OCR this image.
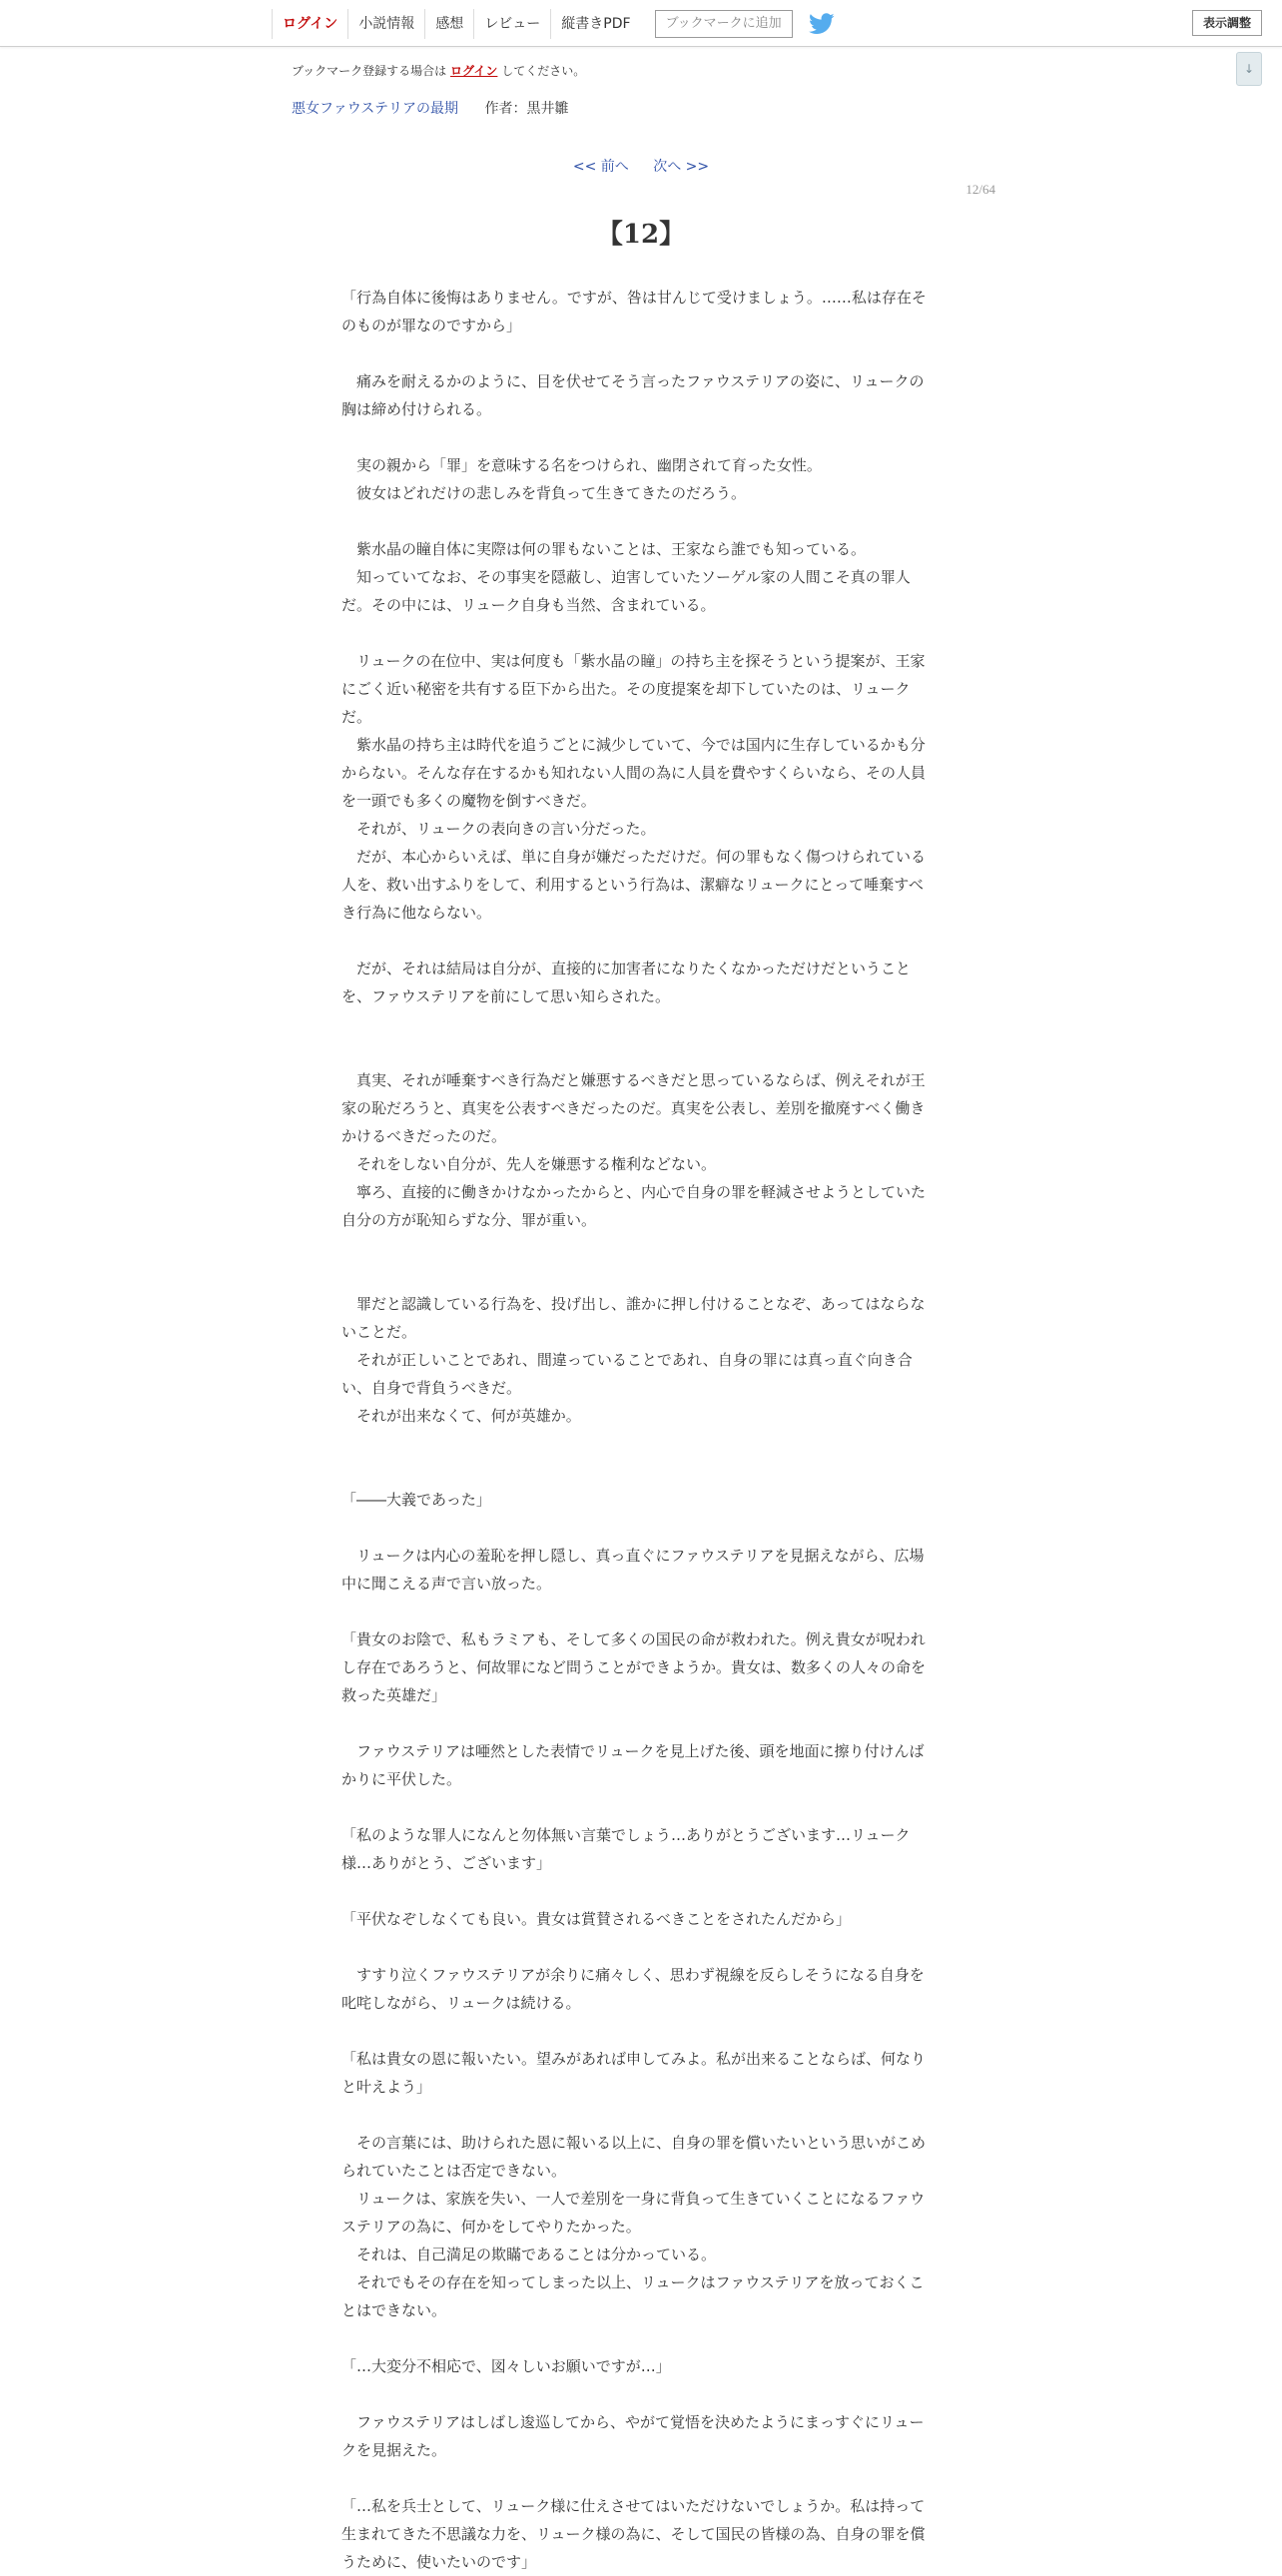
ログイン	小説情報	感想	レビュー	縦書きPDF	ブックマークに追加	表示調整
↓
ブックマーク登録する場合は ログイン してください。
悪女ファウステリアの最期 作者：黒井雛
<< 前へ 次へ >>
12/64
【12】
「行為自体に後悔はありません。ですが、咎は甘んじて受けましょう。……私は存在そのものが罪なのですから」

　痛みを耐えるかのように、目を伏せてそう言ったファウステリアの姿に、リュークの胸は締め付けられる。

　実の親から「罪」を意味する名をつけられ、幽閉されて育った女性。
　彼女はどれだけの悲しみを背負って生きてきたのだろう。

　紫水晶の瞳自体に実際は何の罪もないことは、王家なら誰でも知っている。
　知っていてなお、その事実を隠蔽し、迫害していたソーゲル家の人間こそ真の罪人だ。その中には、リューク自身も当然、含まれている。

　リュークの在位中、実は何度も「紫水晶の瞳」の持ち主を探そうという提案が、王家にごく近い秘密を共有する臣下から出た。その度提案を却下していたのは、リュークだ。
　紫水晶の持ち主は時代を追うごとに減少していて、今では国内に生存しているかも分からない。そんな存在するかも知れない人間の為に人員を費やすくらいなら、その人員を一頭でも多くの魔物を倒すべきだ。
　それが、リュークの表向きの言い分だった。
　だが、本心からいえば、単に自身が嫌だっただけだ。何の罪もなく傷つけられている人を、救い出すふりをして、利用するという行為は、潔癖なリュークにとって唾棄すべき行為に他ならない。

　だが、それは結局は自分が、直接的に加害者になりたくなかっただけだということを、ファウステリアを前にして思い知らされた。

　真実、それが唾棄すべき行為だと嫌悪するべきだと思っているならば、例えそれが王家の恥だろうと、真実を公表すべきだったのだ。真実を公表し、差別を撤廃すべく働きかけるべきだったのだ。
　それをしない自分が、先人を嫌悪する権利などない。
　寧ろ、直接的に働きかけなかったからと、内心で自身の罪を軽減させようとしていた自分の方が恥知らずな分、罪が重い。

　罪だと認識している行為を、投げ出し、誰かに押し付けることなぞ、あってはならないことだ。
　それが正しいことであれ、間違っていることであれ、自身の罪には真っ直ぐ向き合い、自身で背負うべきだ。
　それが出来なくて、何が英雄か。

「――大義であった」

　リュークは内心の羞恥を押し隠し、真っ直ぐにファウステリアを見据えながら、広場中に聞こえる声で言い放った。

「貴女のお陰で、私もラミアも、そして多くの国民の命が救われた。例え貴女が呪われし存在であろうと、何故罪になど問うことができようか。貴女は、数多くの人々の命を救った英雄だ」

　ファウステリアは唖然とした表情でリュークを見上げた後、頭を地面に擦り付けんばかりに平伏した。

「私のような罪人になんと勿体無い言葉でしょう…ありがとうございます…リューク様…ありがとう、ございます」

「平伏なぞしなくても良い。貴女は賞賛されるべきことをされたんだから」

　すすり泣くファウステリアが余りに痛々しく、思わず視線を反らしそうになる自身を叱咤しながら、リュークは続ける。

「私は貴女の恩に報いたい。望みがあれば申してみよ。私が出来ることならば、何なりと叶えよう」

　その言葉には、助けられた恩に報いる以上に、自身の罪を償いたいという思いがこめられていたことは否定できない。
　リュークは、家族を失い、一人で差別を一身に背負って生きていくことになるファウステリアの為に、何かをしてやりたかった。
　それは、自己満足の欺瞞であることは分かっている。
　それでもその存在を知ってしまった以上、リュークはファウステリアを放っておくことはできない。

「…大変分不相応で、図々しいお願いですが…」

　ファウステリアはしばし逡巡してから、やがて覚悟を決めたようにまっすぐにリュークを見据えた。

「…私を兵士として、リューク様に仕えさせてはいただけないでしょうか。私は持って生まれてきた不思議な力を、リューク様の為に、そして国民の皆様の為、自身の罪を償うために、使いたいのです」
